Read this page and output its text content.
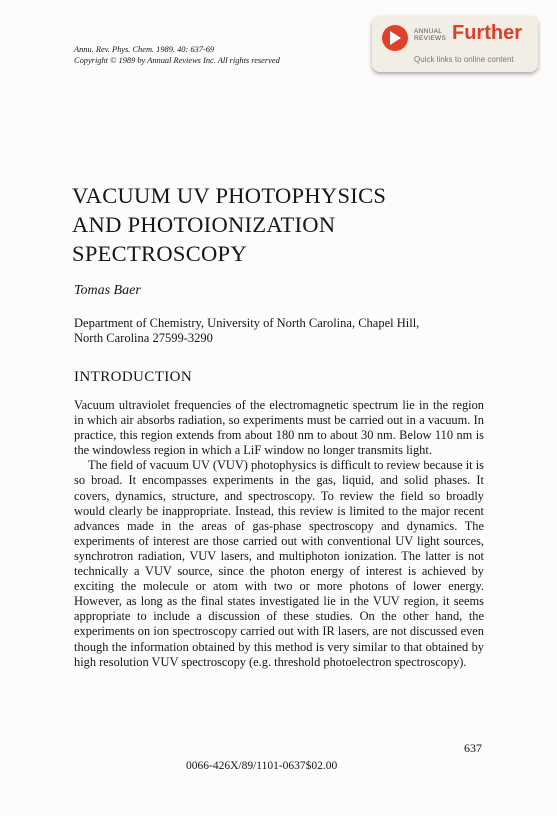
Annu. Rev. Phys. Chem. 1989. 40: 637-69
Copyright © 1989 by Annual Reviews Inc. All rights reserved
ANNUAL REVIEWS Further
Quick links to online content
VACUUM UV PHOTOPHYSICS
AND PHOTOIONIZATION
SPECTROSCOPY
Tomas Baer
Department of Chemistry, University of North Carolina, Chapel Hill,
North Carolina 27599-3290
INTRODUCTION

Vacuum ultraviolet frequencies of the electromagnetic spectrum lie in the region in which air absorbs radiation, so experiments must be carried out in a vacuum. In practice, this region extends from about 180 nm to about 30 nm. Below 110 nm is the windowless region in which a LiF window no longer transmits light.

The field of vacuum UV (VUV) photophysics is difficult to review because it is so broad. It encompasses experiments in the gas, liquid, and solid phases. It covers, dynamics, structure, and spectroscopy. To review the field so broadly would clearly be inappropriate. Instead, this review is limited to the major recent advances made in the areas of gas-phase spectroscopy and dynamics. The experiments of interest are those carried out with conventional UV light sources, synchrotron radiation, VUV lasers, and multiphoton ionization. The latter is not technically a VUV source, since the photon energy of interest is achieved by exciting the molecule or atom with two or more photons of lower energy. However, as long as the final states investigated lie in the VUV region, it seems appropriate to include a discussion of these studies. On the other hand, the experiments on ion spectroscopy carried out with IR lasers, are not discussed even though the information obtained by this method is very similar to that obtained by high resolution VUV spectroscopy (e.g. threshold photoelectron spectroscopy).

637
0066-426X/89/1101-0637$02.00
